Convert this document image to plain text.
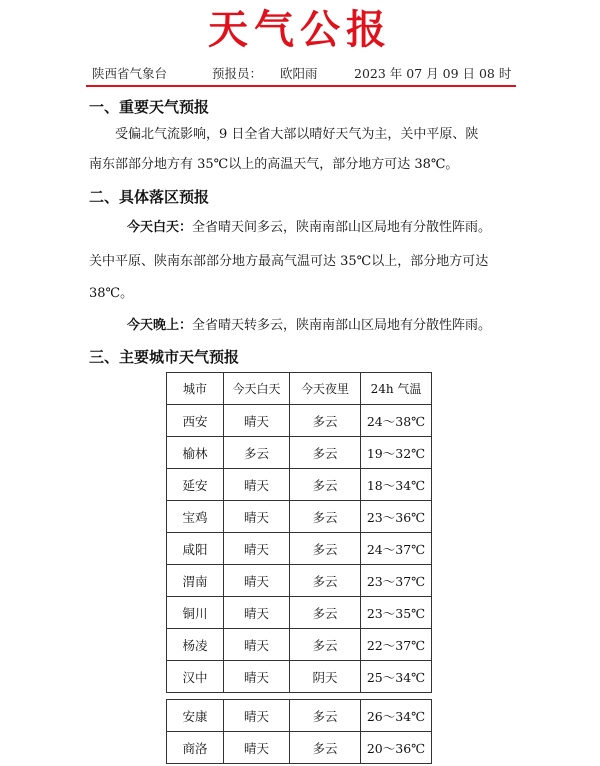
天气公报
陕西省气象台	预报员： 欧阳雨	2023 年 07 月 09 日 08 时
一、重要天气预报
受偏北气流影响，9 日全省大部以晴好天气为主，关中平原、陕
南东部部分地方有 35℃以上的高温天气，部分地方可达 38℃。
二、具体落区预报
今天白天：全省晴天间多云，陕南南部山区局地有分散性阵雨。
关中平原、陕南东部部分地方最高气温可达 35℃以上，部分地方可达
38℃。
今天晚上：全省晴天转多云，陕南南部山区局地有分散性阵雨。
三、主要城市天气预报
城市	今天白天	今天夜里	24h 气温
西安	晴天	多云	24～38℃
榆林	多云	多云	19～32℃
延安	晴天	多云	18～34℃
宝鸡	晴天	多云	23～36℃
咸阳	晴天	多云	24～37℃
渭南	晴天	多云	23～37℃
铜川	晴天	多云	23～35℃
杨凌	晴天	多云	22～37℃
汉中	晴天	阴天	25～34℃
安康	晴天	多云	26～34℃
商洛	晴天	多云	20～36℃
